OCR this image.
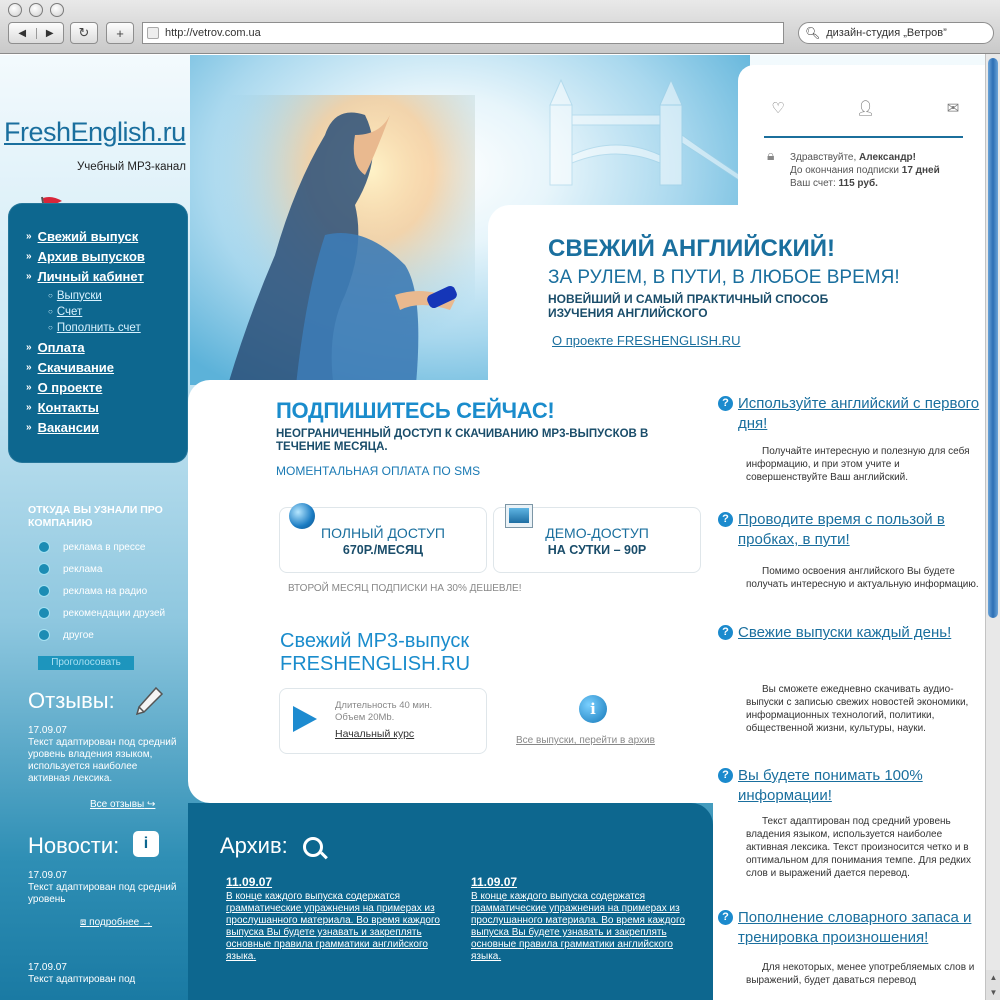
◀	▶	↻ +	http://vetrov.com.ua	🔍︎ дизайн-студия „Ветров”
▲
▼
FreshEnglish.ru
Учебный MP3-канал
» Свежий выпуск
» Архив выпусков
» Личный кабинет
○ Выпуски
○ Счет
○ Пополнить счет
» Оплата
» Скачивание
» О проекте
» Контакты
» Вакансии
ОТКУДА ВЫ УЗНАЛИ ПРО КОМПАНИЮ
реклама в прессе
реклама
реклама на радио
рекомендации друзей
другое
Проголосовать
Отзывы:
17.09.07
Текст адаптирован под средний уровень владения языком, используется наиболее активная лексика.
Все отзывы ↪
Новости:	i
17.09.07
Текст адаптирован под средний уровень
⧈ подробнее →
17.09.07
Текст адаптирован под
♡	👤︎	✉
🔒︎ Здравствуйте, Александр!
До окончания подписки 17 дней
Ваш счет: 115 руб.
СВЕЖИЙ АНГЛИЙСКИЙ!
ЗА РУЛЕМ, В ПУТИ, В ЛЮБОЕ ВРЕМЯ!
НОВЕЙШИЙ И САМЫЙ ПРАКТИЧНЫЙ СПОСОБ ИЗУЧЕНИЯ АНГЛИЙСКОГО
О проекте FRESHENGLISH.RU
ПОДПИШИТЕСЬ СЕЙЧАС!
НЕОГРАНИЧЕННЫЙ ДОСТУП К СКАЧИВАНИЮ МР3-ВЫПУСКОВ В ТЕЧЕНИЕ МЕСЯЦА.
МОМЕНТАЛЬНАЯ ОПЛАТА ПО SMS
ПОЛНЫЙ ДОСТУП
670Р./МЕСЯЦ
ДЕМО-ДОСТУП
НА СУТКИ – 90Р
ВТОРОЙ МЕСЯЦ ПОДПИСКИ НА 30% ДЕШЕВЛЕ!
Свежий MP3-выпуск
FRESHENGLISH.RU
Длительность 40 мин.
Объем 20Mb.
Начальный курс
i
Все выпуски, перейти в архив
Архив:
11.09.07
В конце каждого выпуска содержатся грамматические упражнения на примерах из прослушанного материала. Во время каждого выпуска Вы будете узнавать и закреплять основные правила грамматики английского языка.
11.09.07
В конце каждого выпуска содержатся грамматические упражнения на примерах из прослушанного материала. Во время каждого выпуска Вы будете узнавать и закреплять основные правила грамматики английского языка.
? Используйте английский с первого дня!
Получайте интересную и полезную для себя информацию, и при этом учите и совершенствуйте Ваш английский.
? Проводите время с пользой в пробках, в пути!
Помимо освоения английского Вы будете получать интересную и актуальную информацию.
? Свежие выпуски каждый день!
Вы сможете ежедневно скачивать аудио-выпуски с записью свежих новостей экономики, информационных технологий, политики, общественной жизни, культуры, науки.
? Вы будете понимать 100% информации!
Текст адаптирован под средний уровень владения языком, используется наиболее активная лексика. Текст произносится четко и в оптимальном для понимания темпе. Для редких слов и выражений дается перевод.
? Пополнение словарного запаса и тренировка произношения!
Для некоторых, менее употребляемых слов и выражений, будет даваться перевод
